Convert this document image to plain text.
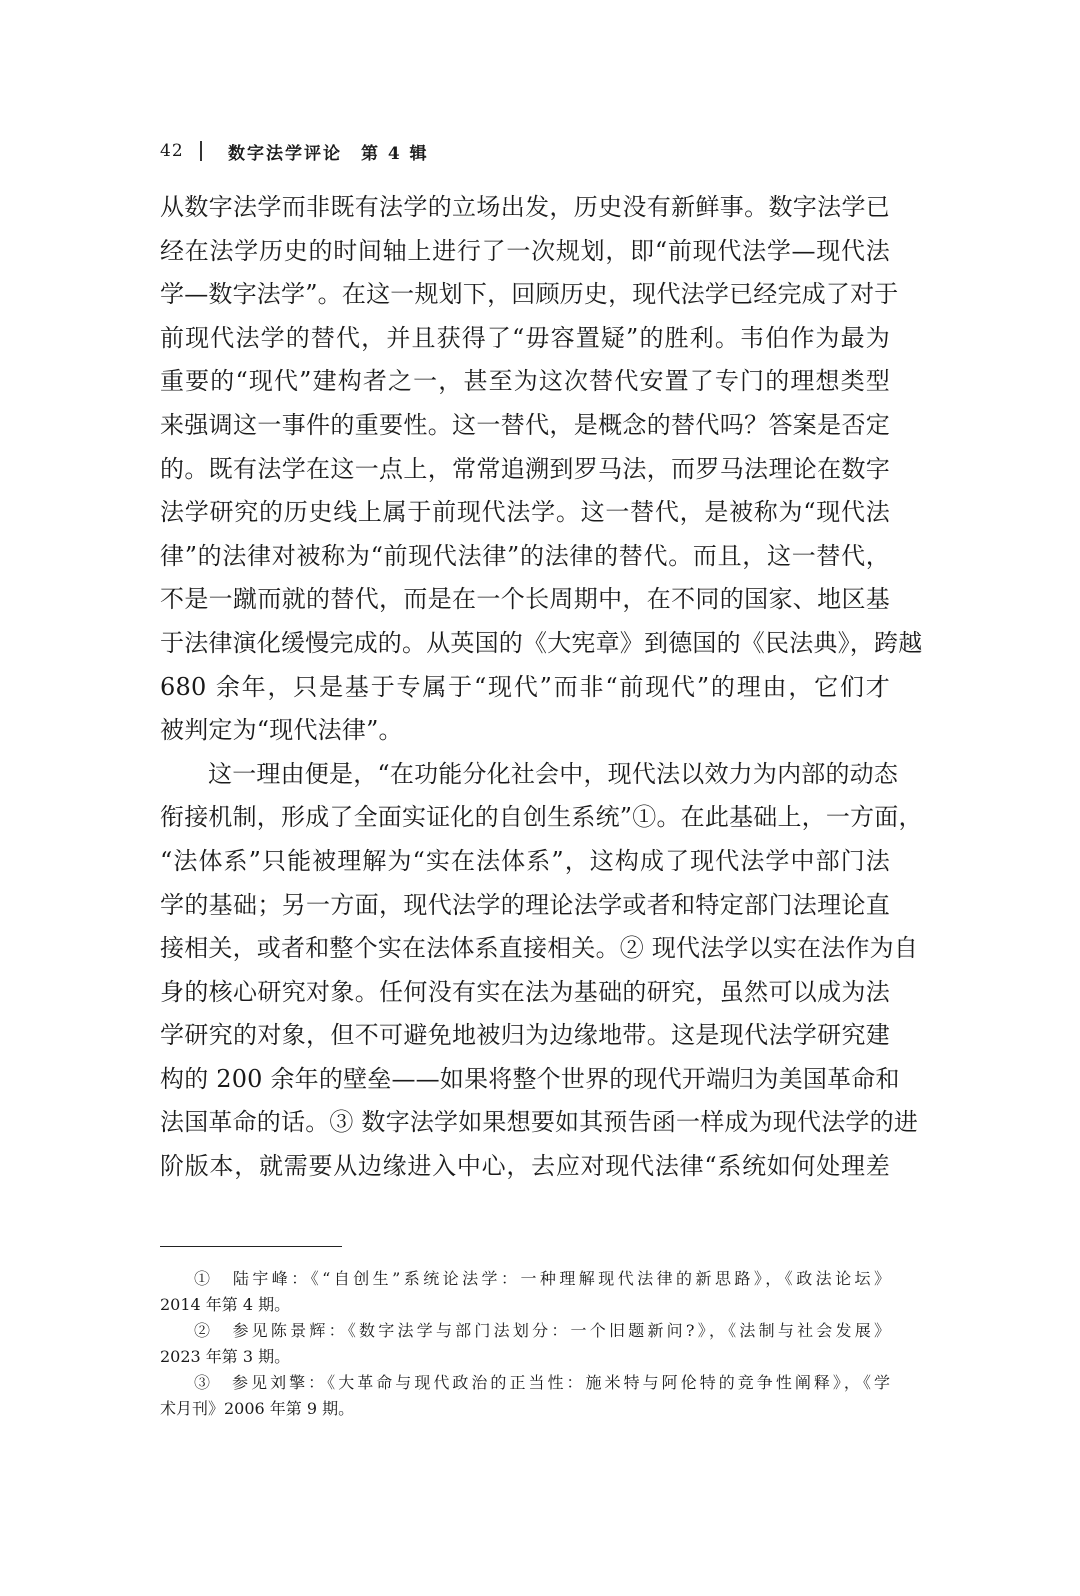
42	数字法学评论　第 4 辑
从数字法学而非既有法学的立场出发，历史没有新鲜事。数字法学已
经在法学历史的时间轴上进行了一次规划，即“前现代法学—现代法
学—数字法学”。在这一规划下，回顾历史，现代法学已经完成了对于
前现代法学的替代，并且获得了“毋容置疑”的胜利。韦伯作为最为
重要的“现代”建构者之一，甚至为这次替代安置了专门的理想类型
来强调这一事件的重要性。这一替代，是概念的替代吗？答案是否定
的。既有法学在这一点上，常常追溯到罗马法，而罗马法理论在数字
法学研究的历史线上属于前现代法学。这一替代，是被称为“现代法
律”的法律对被称为“前现代法律”的法律的替代。而且，这一替代，
不是一蹴而就的替代，而是在一个长周期中，在不同的国家、地区基
于法律演化缓慢完成的。从英国的《大宪章》到德国的《民法典》，跨越
680 余年，只是基于专属于“现代”而非“前现代”的理由，它们才
被判定为“现代法律”。
这一理由便是，“在功能分化社会中，现代法以效力为内部的动态
衔接机制，形成了全面实证化的自创生系统”①。在此基础上，一方面，
“法体系”只能被理解为“实在法体系”，这构成了现代法学中部门法
学的基础；另一方面，现代法学的理论法学或者和特定部门法理论直
接相关，或者和整个实在法体系直接相关。② 现代法学以实在法作为自
身的核心研究对象。任何没有实在法为基础的研究，虽然可以成为法
学研究的对象，但不可避免地被归为边缘地带。这是现代法学研究建
构的 200 余年的壁垒——如果将整个世界的现代开端归为美国革命和
法国革命的话。③ 数字法学如果想要如其预告函一样成为现代法学的进
阶版本，就需要从边缘进入中心，去应对现代法律“系统如何处理差
①　陆宇峰：《“自创生”系统论法学：一种理解现代法律的新思路》，《政法论坛》
2014 年第 4 期。
②　参见陈景辉：《数字法学与部门法划分：一个旧题新问?》，《法制与社会发展》
2023 年第 3 期。
③　参见刘擎：《大革命与现代政治的正当性：施米特与阿伦特的竞争性阐释》，《学
术月刊》2006 年第 9 期。
